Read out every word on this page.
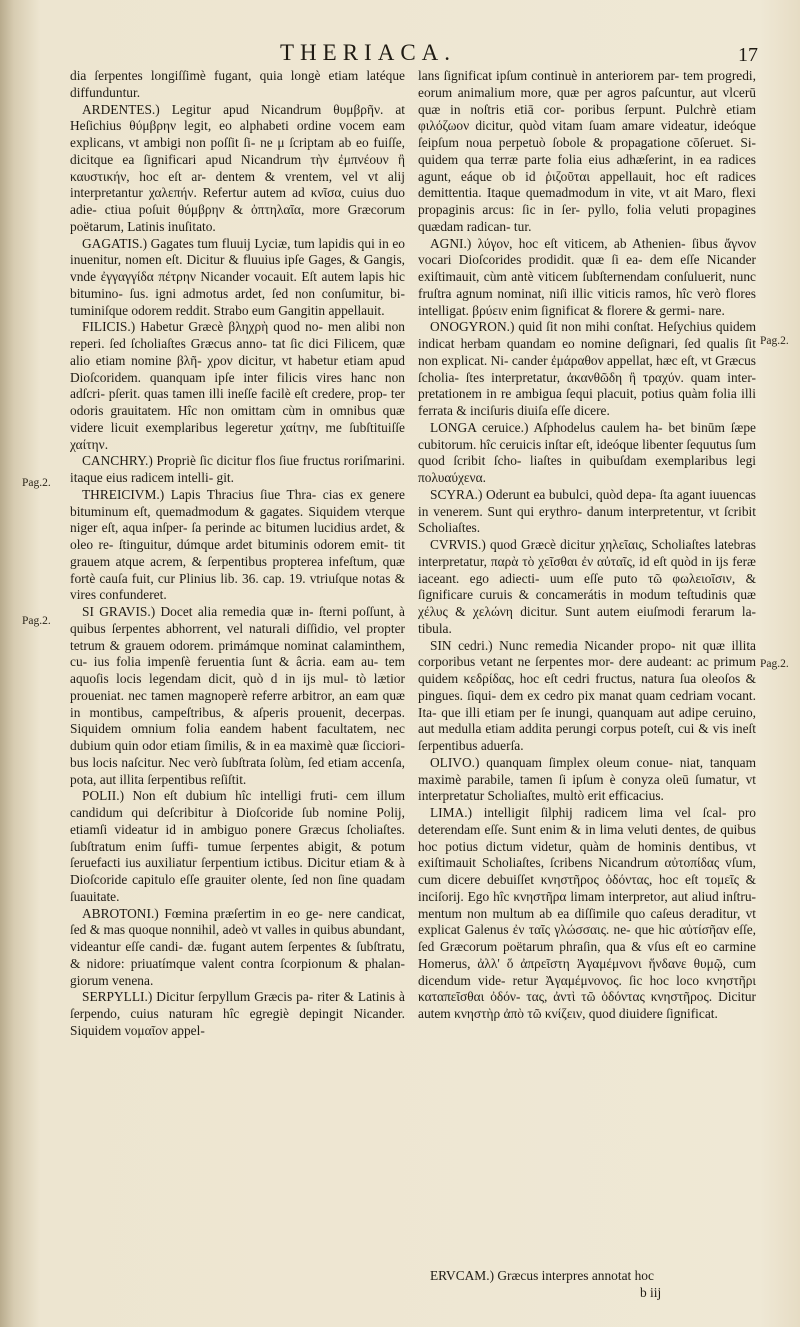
THERIACA.	17

dia ſerpentes longiſſimè fugant, quia longè etiam latéque diffunduntur.

ARDENTES.) Legitur apud Nicandrum θυμβρῆν. at Heſichius θύμβρην legit, eo alphabeti ordine vocem eam explicans, vt ambigi non poſſit ſi- ne μ ſcriptam ab eo fuiſſe, dicitque ea ſignificari apud Nicandrum τὴν ἐμπνέουν ἢ καυστικήν, hoc eſt ar- dentem & vrentem, vel vt alij interpretantur χαλεπήν. Refertur autem ad κνῖσα, cuius duo adie- ctiua poſuit θύμβρην & ὀπτηλαῖα, more Græcorum poëtarum, Latinis inuſitato.

GAGATIS.) Gagates tum fluuij Lyciæ, tum lapidis qui in eo inuenitur, nomen eſt. Dicitur & fluuius ipſe Gages, & Gangis, vnde ἐγγαγγίδα πέτρην Nicander vocauit. Eſt autem lapis hic bitumino- ſus. igni admotus ardet, ſed non conſumitur, bi- tuminiſque odorem reddit. Strabo eum Gangitin appellauit.

FILICIS.) Habetur Græcè βληχρὴ quod no- men alibi non reperi. ſed ſcholiaſtes Græcus anno- tat ſic dici Filicem, quæ alio etiam nomine βλῆ- χρον dicitur, vt habetur etiam apud Dioſcoridem. quanquam ipſe inter filicis vires hanc non adſcri- pſerit. quas tamen illi ineſſe facilè eſt credere, prop- ter odoris grauitatem. Hîc non omittam cùm in omnibus quæ videre licuit exemplaribus legeretur χαίτην, me ſubſtituiſſe χαίτην.

CANCHRY.) Propriè ſic dicitur flos ſiue fructus roriſmarini. itaque eius radicem intelli- git.

THREICIVM.) Lapis Thracius ſiue Thra- cias ex genere bituminum eſt, quemadmodum & gagates. Siquidem vterque niger eſt, aqua inſper- ſa perinde ac bitumen lucidius ardet, & oleo re- ſtinguitur, dúmque ardet bituminis odorem emit- tit grauem atque acrem, & ſerpentibus propterea infeſtum, quæ fortè cauſa fuit, cur Plinius lib. 36. cap. 19. vtriuſque notas & vires confunderet.

SI GRAVIS.) Docet alia remedia quæ in- ſterni poſſunt, à quibus ſerpentes abhorrent, vel naturali diſſidio, vel propter tetrum & grauem odorem. primámque nominat calaminthem, cu- ius folia impenſè feruentia ſunt & âcria. eam au- tem aquoſis locis legendam dicit, quò d in ijs mul- tò lætior proueniat. nec tamen magnoperè referre arbitror, an eam quæ in montibus, campeſtribus, & aſperis prouenit, decerpas. Siquidem omnium folia eandem habent facultatem, nec dubium quin odor etiam ſimilis, & in ea maximè quæ ſicciori- bus locis naſcitur. Nec verò ſubſtrata ſolùm, ſed etiam accenſa, pota, aut illita ſerpentibus reſiſtit.

POLII.) Non eſt dubium hîc intelligi fruti- cem illum candidum qui deſcribitur à Dioſcoride ſub nomine Polij, etiamſi videatur id in ambiguo ponere Græcus ſcholiaſtes. ſubſtratum enim ſuffi- tumue ſerpentes abigit, & potum ſeruefacti ius auxiliatur ſerpentium ictibus. Dicitur etiam & à Dioſcoride capitulo eſſe grauiter olente, ſed non ſine quadam ſuauitate.

ABROTONI.) Fœmina præſertim in eo ge- nere candicat, ſed & mas quoque nonnihil, adeò vt valles in quibus abundant, videantur eſſe candi- dæ. fugant autem ſerpentes & ſubſtratu, & nidore: priuatímque valent contra ſcorpionum & phalan- giorum venena.

SERPYLLI.) Dicitur ſerpyllum Græcis pa- riter & Latinis à ſerpendo, cuius naturam hîc egregiè depingit Nicander. Siquidem νομαῖον appel-

lans ſignificat ipſum continuè in anteriorem par- tem progredi, eorum animalium more, quæ per agros paſcuntur, aut vlcerū quæ in noſtris etiā cor- poribus ſerpunt. Pulchrè etiam φιλόζωον dicitur, quòd vitam ſuam amare videatur, ideóque ſeipſum noua perpetuò ſobole & propagatione cōſeruet. Si- quidem qua terræ parte folia eius adhæſerint, in ea radices agunt, eáque ob id ῥιζοῦται appellauit, hoc eſt radices demittentia. Itaque quemadmodum in vite, vt ait Maro, flexi propaginis arcus: ſic in ſer- pyllo, folia veluti propagines quædam radican- tur.

AGNI.) λύγον, hoc eſt viticem, ab Athenien- ſibus ἄγνον vocari Dioſcorides prodidit. quæ ſi ea- dem eſſe Nicander exiſtimauit, cùm antè viticem ſubſternendam conſuluerit, nunc fruſtra agnum nominat, niſi illic viticis ramos, hîc verò flores intelligat. βρύειν enim ſignificat & florere & germi- nare.

ONOGYRON.) quid ſit non mihi conſtat. Heſychius quidem indicat herbam quandam eo nomine deſignari, ſed qualis ſit non explicat. Ni- cander ἐμάραθον appellat, hæc eſt, vt Græcus ſcholia- ſtes interpretatur, ἀκανθῶδη ἢ τραχύν. quam inter- pretationem in re ambigua ſequi placuit, potius quàm folia illi ferrata & inciſuris diuiſa eſſe dicere.

LONGA ceruice.) Aſphodelus caulem ha- bet binūm ſæpe cubitorum. hîc ceruicis inſtar eſt, ideóque libenter ſequutus ſum quod ſcribit ſcho- liaſtes in quibuſdam exemplaribus legi πολυαύχενα.

SCYRA.) Oderunt ea bubulci, quòd depa- ſta agant iuuencas in venerem. Sunt qui erythro- danum interpretentur, vt ſcribit Scholiaſtes.

CVRVIS.) quod Græcè dicitur χηλεῖαις, Scholiaſtes latebras interpretatur, παρὰ τὸ χεῖσθαι ἐν αὐταῖς, id eſt quòd in ijs feræ iaceant. ego adiecti- uum eſſe puto τῶ φωλειοῖσιν, & ſignificare curuis & concamerátis in modum teſtudinis quæ χέλυς & χελώνη dicitur. Sunt autem eiuſmodi ferarum la- tibula.

SIN cedri.) Nunc remedia Nicander propo- nit quæ illita corporibus vetant ne ſerpentes mor- dere audeant: ac primum quidem κεδρίδας, hoc eſt cedri fructus, natura ſua oleoſos & pingues. ſiqui- dem ex cedro pix manat quam cedriam vocant. Ita- que illi etiam per ſe inungi, quanquam aut adipe ceruino, aut medulla etiam addita perungi corpus poteſt, cui & vis ineſt ſerpentibus aduerſa.

OLIVO.) quanquam ſimplex oleum conue- niat, tanquam maximè parabile, tamen ſi ipſum è conyza oleū ſumatur, vt interpretatur Scholiaſtes, multò erit efficacius.

LIMA.) intelligit ſilphij radicem lima vel ſcal- pro deterendam eſſe. Sunt enim & in lima veluti dentes, de quibus hoc potius dictum videtur, quàm de hominis dentibus, vt exiſtimauit Scholiaſtes, ſcribens Nicandrum αὐτοπίδας vſum, cum dicere debuiſſet κνηστῆρος ὀδόντας, hoc eſt τομεῖς & inciſorij. Ego hîc κνηστῆρα limam interpretor, aut aliud inſtru- mentum non multum ab ea diſſimile quo caſeus deraditur, vt explicat Galenus ἐν ταῖς γλώσσαις. ne- que hic αὐτίσῆαν eſſe, ſed Græcorum poëtarum phraſin, qua & vſus eſt eo carmine Homerus, ἀλλ' ὅ ἀπρεῖστη Ἀγαμέμνονι ἥνδανε θυμῷ, cum dicendum vide- retur Ἀγαμέμνονος. ſic hoc loco κνηστῆρι καταπεῖσθαι ὀδόν- τας, ἀντὶ τῶ ὀδόντας κνηστῆρος. Dicitur autem κνηστὴρ ἀπὸ τῶ κνίζειν, quod diuidere ſignificat.

Pag.2.
Pag.2.
Pag.2.
Pag.2.
ERVCAM.) Græcus interpres annotat hoc
b iij
